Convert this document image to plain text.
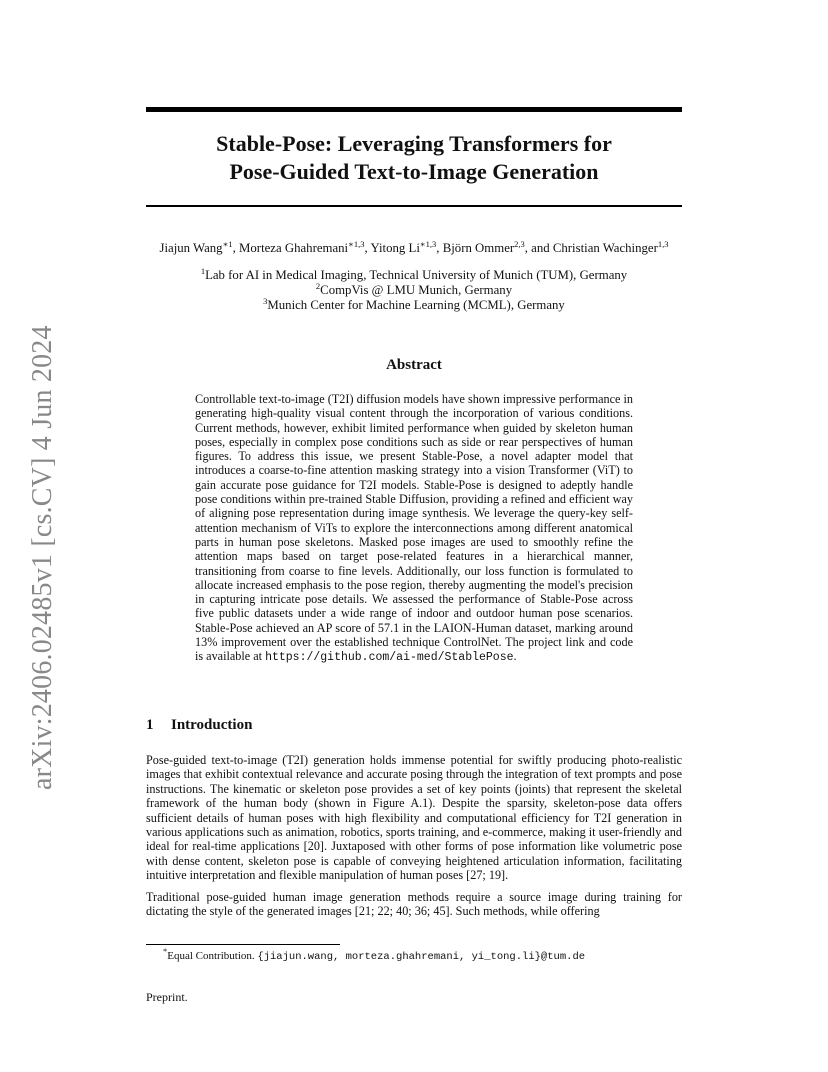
arXiv:2406.02485v1 [cs.CV] 4 Jun 2024
Stable-Pose: Leveraging Transformers for
Pose-Guided Text-to-Image Generation
Jiajun Wang$^{∗1}$, Morteza Ghahremani$^{∗1,3}$, Yitong $Li^{∗1,3}$, Björn Ommer$^{2,3}$, and Christian Wachinger$^{1,3}$
$^1$Lab for AI in Medical Imaging, Technical University of Munich (TUM), Germany
$^2$CompVis @ LMU Munich, Germany
$^3$Munich Center for Machine Learning (MCML), Germany
Abstract
Controllable text-to-image (T2I) diffusion models have shown impressive performance in generating high-quality visual content through the incorporation of various conditions. Current methods, however, exhibit limited performance when guided by skeleton human poses, especially in complex pose conditions such as side or rear perspectives of human figures. To address this issue, we present Stable-Pose, a novel adapter model that introduces a coarse-to-fine attention masking strategy into a vision Transformer (ViT) to gain accurate pose guidance for T2I models. Stable-Pose is designed to adeptly handle pose conditions within pre-trained Stable Diffusion, providing a refined and efficient way of aligning pose representation during image synthesis. We leverage the query-key self-attention mechanism of ViTs to explore the interconnections among different anatomical parts in human pose skeletons. Masked pose images are used to smoothly refine the attention maps based on target pose-related features in a hierarchical manner, transitioning from coarse to fine levels. Additionally, our loss function is formulated to allocate increased emphasis to the pose region, thereby augmenting the model's precision in capturing intricate pose details. We assessed the performance of Stable-Pose across five public datasets under a wide range of indoor and outdoor human pose scenarios. Stable-Pose achieved an AP score of 57.1 in the LAION-Human dataset, marking around 13% improvement over the established technique ControlNet. The project link and code is available at https://github.com/ai-med/StablePose.
1 Introduction

Pose-guided text-to-image (T2I) generation holds immense potential for swiftly producing photo-realistic images that exhibit contextual relevance and accurate posing through the integration of text prompts and pose instructions. The kinematic or skeleton pose provides a set of key points (joints) that represent the skeletal framework of the human body (shown in Figure A.1). Despite the sparsity, skeleton-pose data offers sufficient details of human poses with high flexibility and computational efficiency for T2I generation in various applications such as animation, robotics, sports training, and e-commerce, making it user-friendly and ideal for real-time applications [20]. Juxtaposed with other forms of pose information like volumetric pose with dense content, skeleton pose is capable of conveying heightened articulation information, facilitating intuitive interpretation and flexible manipulation of human poses [27; 19].

Traditional pose-guided human image generation methods require a source image during training for dictating the style of the generated images [21; 22; 40; 36; 45]. Such methods, while offering

*Equal Contribution. {jiajun.wang, morteza.ghahremani, yi_tong.li}@tum.de
Preprint.
